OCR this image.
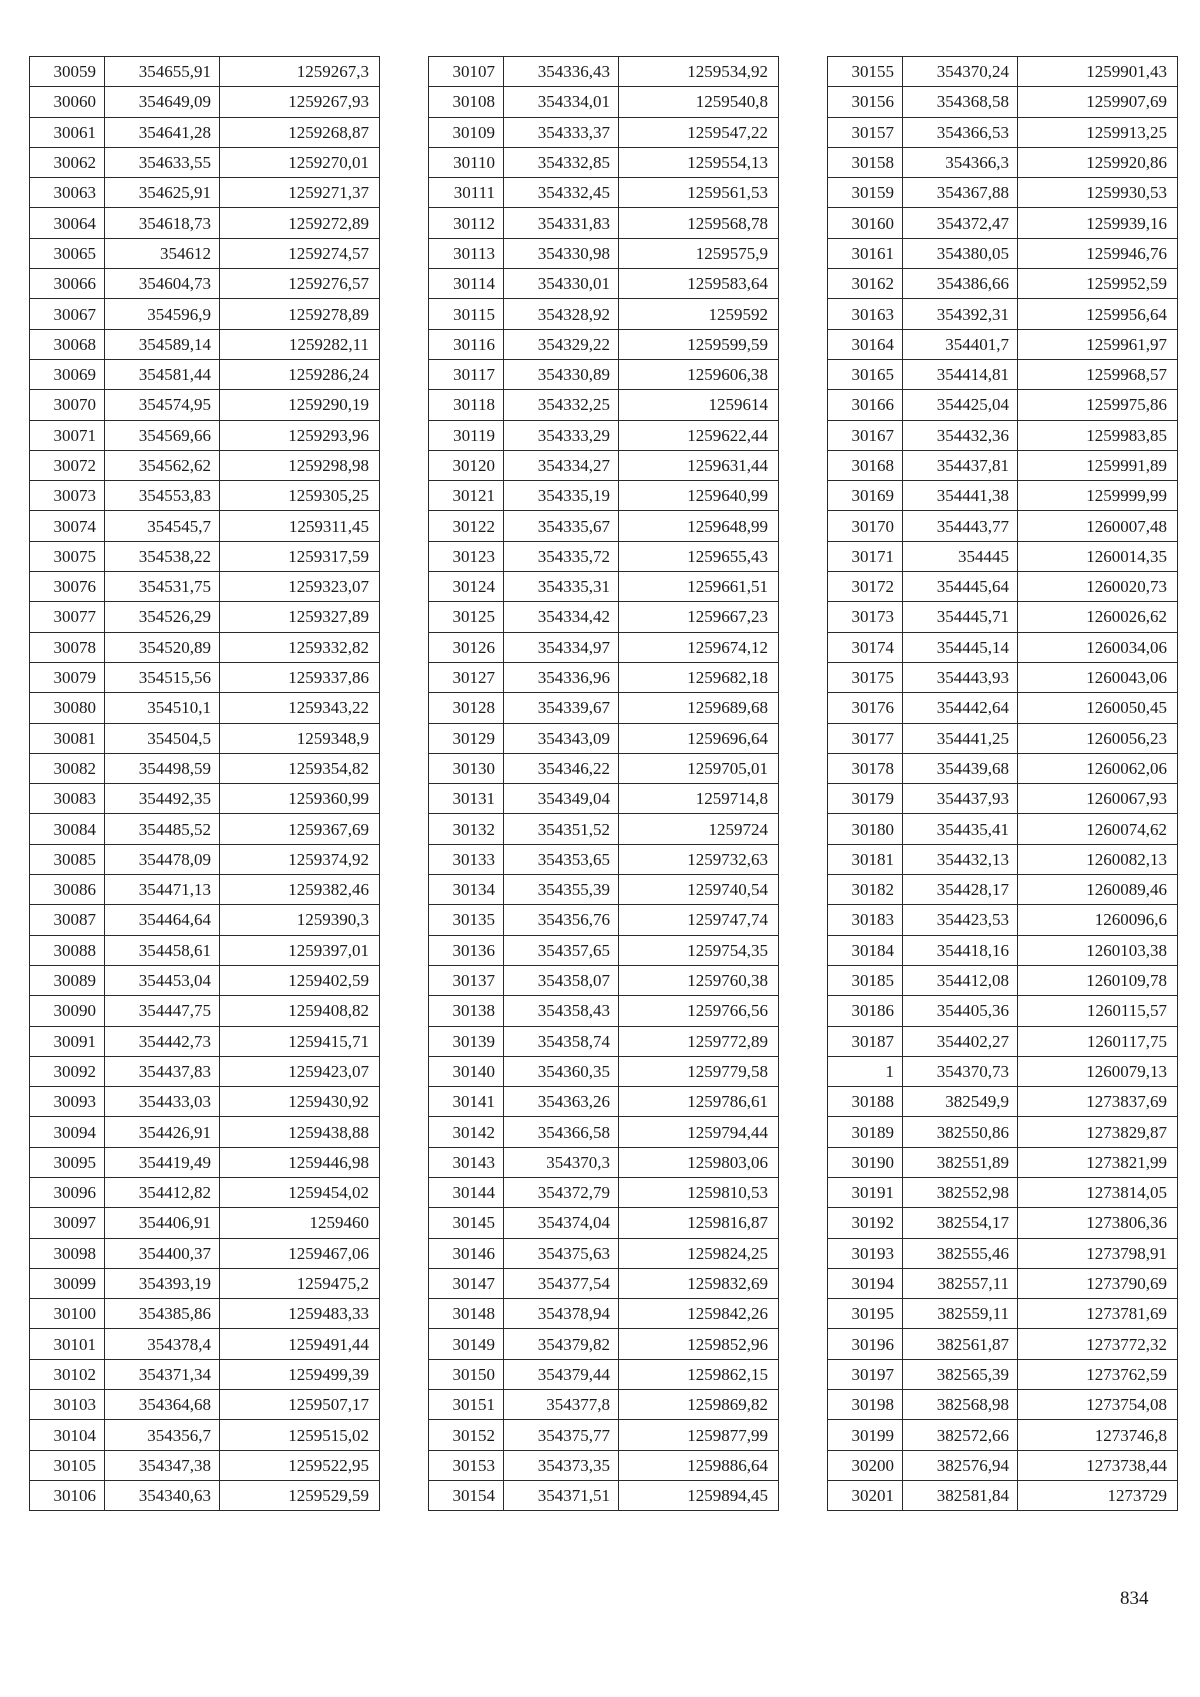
30059	354655,91	1259267,3
30060	354649,09	1259267,93
30061	354641,28	1259268,87
30062	354633,55	1259270,01
30063	354625,91	1259271,37
30064	354618,73	1259272,89
30065	354612	1259274,57
30066	354604,73	1259276,57
30067	354596,9	1259278,89
30068	354589,14	1259282,11
30069	354581,44	1259286,24
30070	354574,95	1259290,19
30071	354569,66	1259293,96
30072	354562,62	1259298,98
30073	354553,83	1259305,25
30074	354545,7	1259311,45
30075	354538,22	1259317,59
30076	354531,75	1259323,07
30077	354526,29	1259327,89
30078	354520,89	1259332,82
30079	354515,56	1259337,86
30080	354510,1	1259343,22
30081	354504,5	1259348,9
30082	354498,59	1259354,82
30083	354492,35	1259360,99
30084	354485,52	1259367,69
30085	354478,09	1259374,92
30086	354471,13	1259382,46
30087	354464,64	1259390,3
30088	354458,61	1259397,01
30089	354453,04	1259402,59
30090	354447,75	1259408,82
30091	354442,73	1259415,71
30092	354437,83	1259423,07
30093	354433,03	1259430,92
30094	354426,91	1259438,88
30095	354419,49	1259446,98
30096	354412,82	1259454,02
30097	354406,91	1259460
30098	354400,37	1259467,06
30099	354393,19	1259475,2
30100	354385,86	1259483,33
30101	354378,4	1259491,44
30102	354371,34	1259499,39
30103	354364,68	1259507,17
30104	354356,7	1259515,02
30105	354347,38	1259522,95
30106	354340,63	1259529,59
30107	354336,43	1259534,92
30108	354334,01	1259540,8
30109	354333,37	1259547,22
30110	354332,85	1259554,13
30111	354332,45	1259561,53
30112	354331,83	1259568,78
30113	354330,98	1259575,9
30114	354330,01	1259583,64
30115	354328,92	1259592
30116	354329,22	1259599,59
30117	354330,89	1259606,38
30118	354332,25	1259614
30119	354333,29	1259622,44
30120	354334,27	1259631,44
30121	354335,19	1259640,99
30122	354335,67	1259648,99
30123	354335,72	1259655,43
30124	354335,31	1259661,51
30125	354334,42	1259667,23
30126	354334,97	1259674,12
30127	354336,96	1259682,18
30128	354339,67	1259689,68
30129	354343,09	1259696,64
30130	354346,22	1259705,01
30131	354349,04	1259714,8
30132	354351,52	1259724
30133	354353,65	1259732,63
30134	354355,39	1259740,54
30135	354356,76	1259747,74
30136	354357,65	1259754,35
30137	354358,07	1259760,38
30138	354358,43	1259766,56
30139	354358,74	1259772,89
30140	354360,35	1259779,58
30141	354363,26	1259786,61
30142	354366,58	1259794,44
30143	354370,3	1259803,06
30144	354372,79	1259810,53
30145	354374,04	1259816,87
30146	354375,63	1259824,25
30147	354377,54	1259832,69
30148	354378,94	1259842,26
30149	354379,82	1259852,96
30150	354379,44	1259862,15
30151	354377,8	1259869,82
30152	354375,77	1259877,99
30153	354373,35	1259886,64
30154	354371,51	1259894,45
30155	354370,24	1259901,43
30156	354368,58	1259907,69
30157	354366,53	1259913,25
30158	354366,3	1259920,86
30159	354367,88	1259930,53
30160	354372,47	1259939,16
30161	354380,05	1259946,76
30162	354386,66	1259952,59
30163	354392,31	1259956,64
30164	354401,7	1259961,97
30165	354414,81	1259968,57
30166	354425,04	1259975,86
30167	354432,36	1259983,85
30168	354437,81	1259991,89
30169	354441,38	1259999,99
30170	354443,77	1260007,48
30171	354445	1260014,35
30172	354445,64	1260020,73
30173	354445,71	1260026,62
30174	354445,14	1260034,06
30175	354443,93	1260043,06
30176	354442,64	1260050,45
30177	354441,25	1260056,23
30178	354439,68	1260062,06
30179	354437,93	1260067,93
30180	354435,41	1260074,62
30181	354432,13	1260082,13
30182	354428,17	1260089,46
30183	354423,53	1260096,6
30184	354418,16	1260103,38
30185	354412,08	1260109,78
30186	354405,36	1260115,57
30187	354402,27	1260117,75
1	354370,73	1260079,13
30188	382549,9	1273837,69
30189	382550,86	1273829,87
30190	382551,89	1273821,99
30191	382552,98	1273814,05
30192	382554,17	1273806,36
30193	382555,46	1273798,91
30194	382557,11	1273790,69
30195	382559,11	1273781,69
30196	382561,87	1273772,32
30197	382565,39	1273762,59
30198	382568,98	1273754,08
30199	382572,66	1273746,8
30200	382576,94	1273738,44
30201	382581,84	1273729
834
